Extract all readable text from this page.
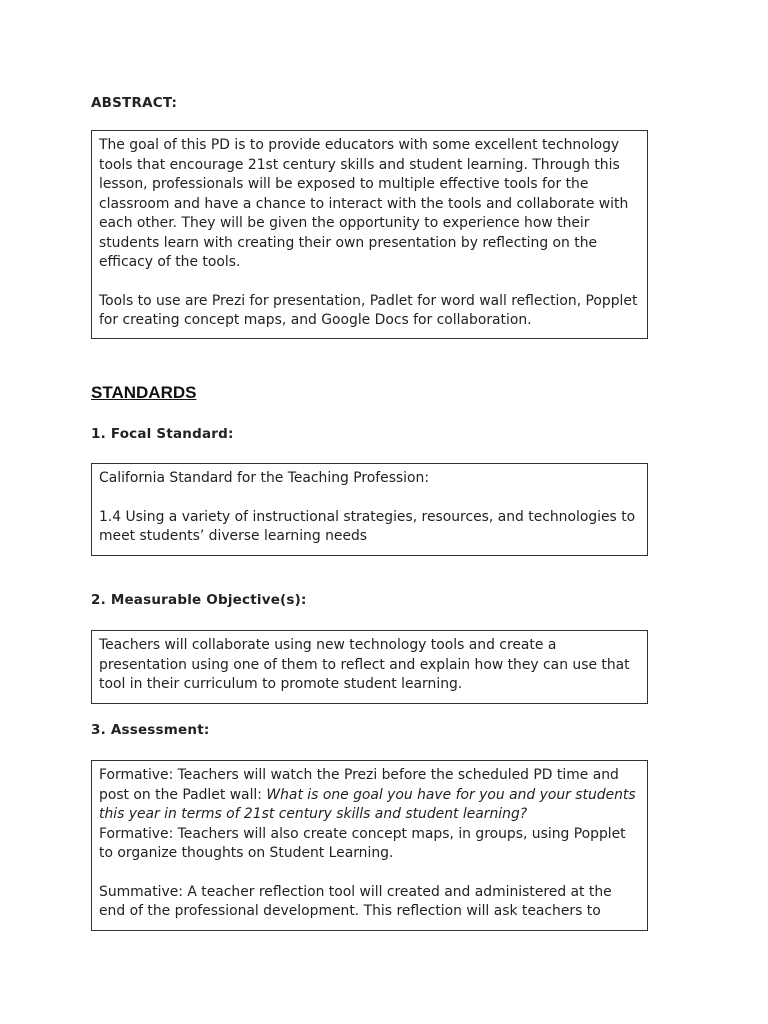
ABSTRACT:

The goal of this PD is to provide educators with some excellent technology tools that encourage 21st century skills and student learning. Through this lesson, professionals will be exposed to multiple effective tools for the classroom and have a chance to interact with the tools and collaborate with each other. They will be given the opportunity to experience how their students learn with creating their own presentation by reflecting on the efficacy of the tools.

Tools to use are Prezi for presentation, Padlet for word wall reflection, Popplet for creating concept maps, and Google Docs for collaboration.

STANDARDS
1. Focal Standard:

California Standard for the Teaching Profession:

1.4 Using a variety of instructional strategies, resources, and technologies to meet students’ diverse learning needs

2. Measurable Objective(s):

Teachers will collaborate using new technology tools and create a presentation using one of them to reflect and explain how they can use that tool in their curriculum to promote student learning.

3. Assessment:

Formative: Teachers will watch the Prezi before the scheduled PD time and post on the Padlet wall: What is one goal you have for you and your students this year in terms of 21st century skills and student learning?

Formative: Teachers will also create concept maps, in groups, using Popplet to organize thoughts on Student Learning.

Summative: A teacher reflection tool will created and administered at the end of the professional development. This reflection will ask teachers to
